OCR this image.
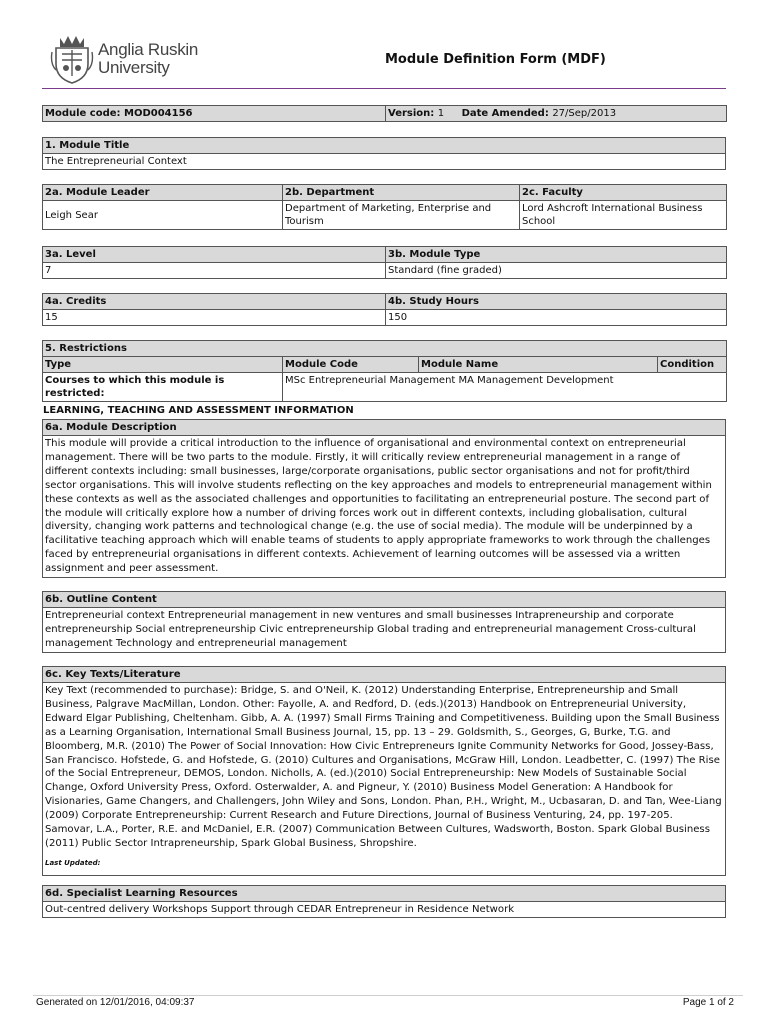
Anglia Ruskin
University	Module Definition Form (MDF)
Module code: MOD004156	Version: 1 Date Amended: 27/Sep/2013
1. Module Title
The Entrepreneurial Context
2a. Module Leader	2b. Department	2c. Faculty
Leigh Sear	Department of Marketing, Enterprise and Tourism	Lord Ashcroft International Business School
3a. Level	3b. Module Type
7	Standard (fine graded)
4a. Credits	4b. Study Hours
15	150
5. Restrictions			
Type	Module Code	Module Name	Condition
Courses to which this module is restricted:	MSc Entrepreneurial Management MA Management Development		
LEARNING, TEACHING AND ASSESSMENT INFORMATION
6a. Module Description
This module will provide a critical introduction to the influence of organisational and environmental context on entrepreneurial management. There will be two parts to the module. Firstly, it will critically review entrepreneurial management in a range of different contexts including: small businesses, large/corporate organisations, public sector organisations and not for profit/third sector organisations. This will involve students reflecting on the key approaches and models to entrepreneurial management within these contexts as well as the associated challenges and opportunities to facilitating an entrepreneurial posture. The second part of the module will critically explore how a number of driving forces work out in different contexts, including globalisation, cultural diversity, changing work patterns and technological change (e.g. the use of social media). The module will be underpinned by a facilitative teaching approach which will enable teams of students to apply appropriate frameworks to work through the challenges faced by entrepreneurial organisations in different contexts. Achievement of learning outcomes will be assessed via a written assignment and peer assessment.
6b. Outline Content
Entrepreneurial context Entrepreneurial management in new ventures and small businesses Intrapreneurship and corporate entrepreneurship Social entrepreneurship Civic entrepreneurship Global trading and entrepreneurial management Cross-cultural management Technology and entrepreneurial management
6c. Key Texts/Literature

Key Text (recommended to purchase): Bridge, S. and O'Neil, K. (2012) Understanding Enterprise, Entrepreneurship and Small Business, Palgrave MacMillan, London. Other: Fayolle, A. and Redford, D. (eds.)(2013) Handbook on Entrepreneurial University, Edward Elgar Publishing, Cheltenham. Gibb, A. A. (1997) Small Firms Training and Competitiveness. Building upon the Small Business as a Learning Organisation, International Small Business Journal, 15, pp. 13 – 29. Goldsmith, S., Georges, G, Burke, T.G. and Bloomberg, M.R. (2010) The Power of Social Innovation: How Civic Entrepreneurs Ignite Community Networks for Good, Jossey-Bass, San Francisco. Hofstede, G. and Hofstede, G. (2010) Cultures and Organisations, McGraw Hill, London. Leadbetter, C. (1997) The Rise of the Social Entrepreneur, DEMOS, London. Nicholls, A. (ed.)(2010) Social Entrepreneurship: New Models of Sustainable Social Change, Oxford University Press, Oxford. Osterwalder, A. and Pigneur, Y. (2010) Business Model Generation: A Handbook for Visionaries, Game Changers, and Challengers, John Wiley and Sons, London. Phan, P.H., Wright, M., Ucbasaran, D. and Tan, Wee-Liang (2009) Corporate Entrepreneurship: Current Research and Future Directions, Journal of Business Venturing, 24, pp. 197-205. Samovar, L.A., Porter, R.E. and McDaniel, E.R. (2007) Communication Between Cultures, Wadsworth, Boston. Spark Global Business (2011) Public Sector Intrapreneurship, Spark Global Business, Shropshire.
Last Updated:
6d. Specialist Learning Resources
Out-centred delivery Workshops Support through CEDAR Entrepreneur in Residence Network
Generated on 12/01/2016, 04:09:37	Page 1 of 2
